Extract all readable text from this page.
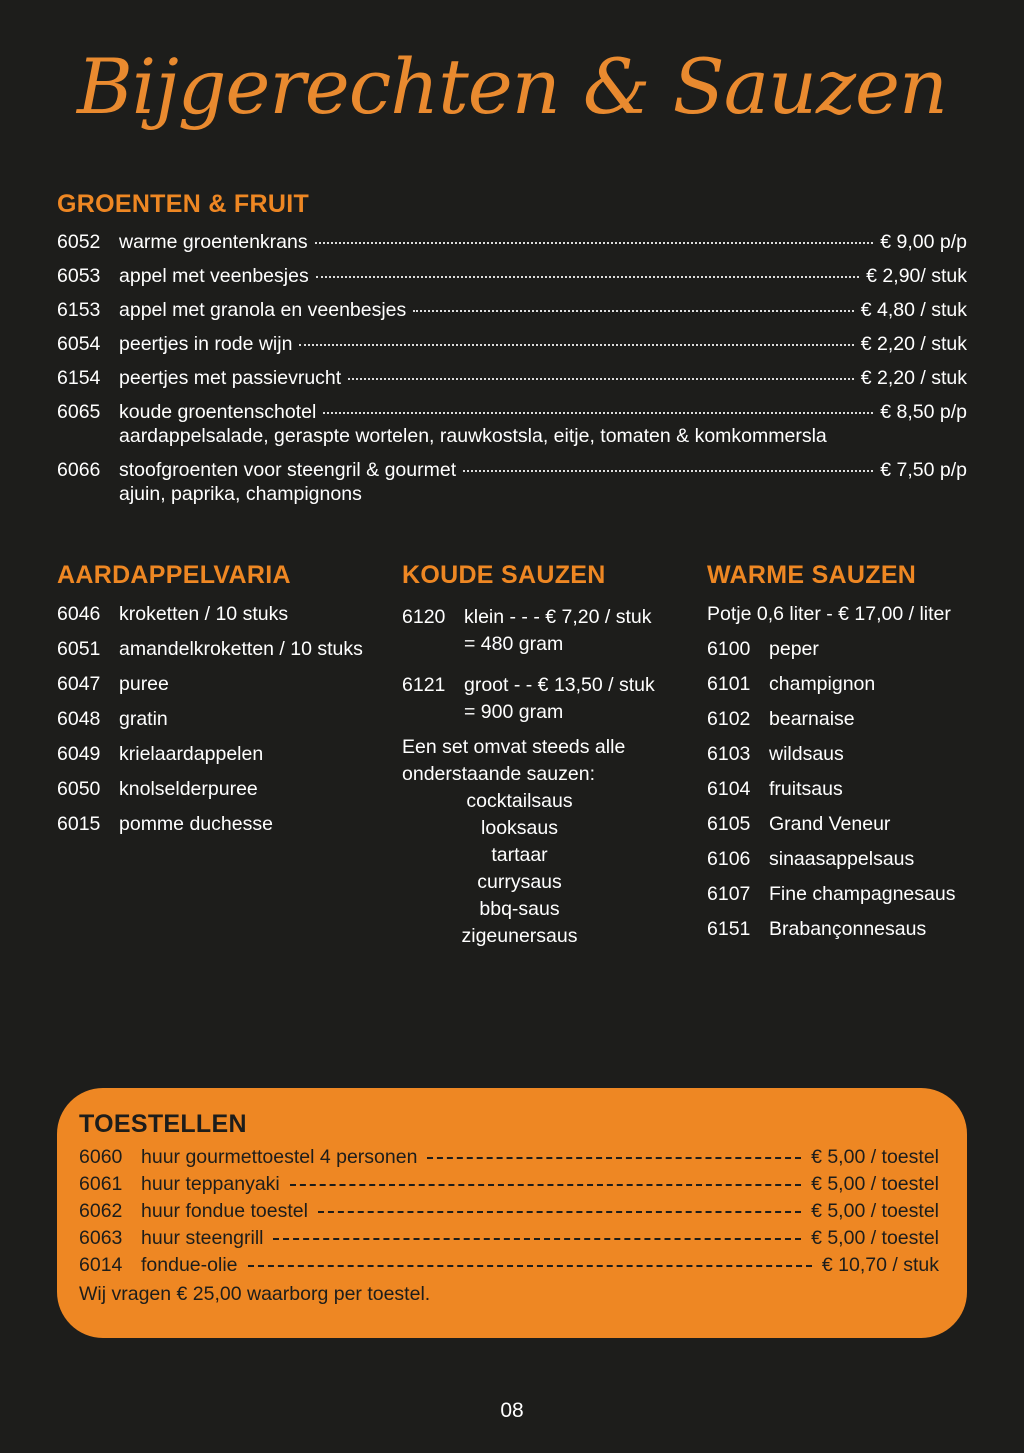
Bijgerechten & Sauzen
GROENTEN & FRUIT
6052 warme groentenkrans	€ 9,00 p/p
6053 appel met veenbesjes	€ 2,90/ stuk
6153 appel met granola en veenbesjes	€ 4,80 / stuk
6054 peertjes in rode wijn	€ 2,20 / stuk
6154 peertjes met passievrucht	€ 2,20 / stuk
6065 koude groentenschotel	€ 8,50 p/p
aardappelsalade, geraspte wortelen, rauwkostsla, eitje, tomaten & komkommersla
6066 stoofgroenten voor steengril & gourmet	€ 7,50 p/p
ajuin, paprika, champignons
AARDAPPELVARIA
6046 kroketten / 10 stuks
6051 amandelkroketten / 10 stuks
6047 puree
6048 gratin
6049 krielaardappelen
6050 knolselderpuree
6015 pomme duchesse
KOUDE SAUZEN
6120 klein - - - € 7,20 / stuk
= 480 gram
6121 groot - - € 13,50 / stuk
= 900 gram
Een set omvat steeds alle onderstaande sauzen:
cocktailsaus
looksaus
tartaar
currysaus
bbq-saus
zigeunersaus
WARME SAUZEN
Potje 0,6 liter - € 17,00 / liter
6100 peper
6101 champignon
6102 bearnaise
6103 wildsaus
6104 fruitsaus
6105 Grand Veneur
6106 sinaasappelsaus
6107 Fine champagnesaus
6151 Brabançonnesaus
TOESTELLEN
6060 huur gourmettoestel 4 personen	€ 5,00 / toestel
6061 huur teppanyaki	€ 5,00 / toestel
6062 huur fondue toestel	€ 5,00 / toestel
6063 huur steengrill	€ 5,00 / toestel
6014 fondue-olie	€ 10,70 / stuk
Wij vragen € 25,00 waarborg per toestel.
08
